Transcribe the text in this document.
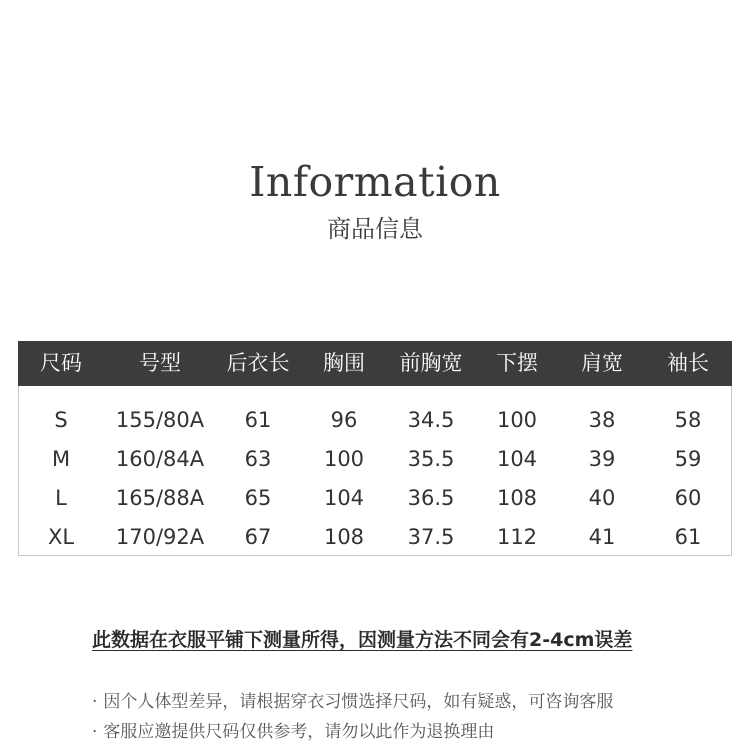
Information
商品信息
尺码	号型 后衣长 胸围 前胸宽 下摆 肩宽 袖长
S 155/80A 61	96 34.5 100 38	58
M 160/84A 63	100 35.5 104 39	59
L 165/88A 65	104 36.5 108 40	60
XL 170/92A 67	108 37.5 112 41	61
此数据在衣服平铺下测量所得，因测量方法不同会有2-4cm误差
· 因个人体型差异，请根据穿衣习惯选择尺码，如有疑惑，可咨询客服
· 客服应邀提供尺码仅供参考，请勿以此作为退换理由
